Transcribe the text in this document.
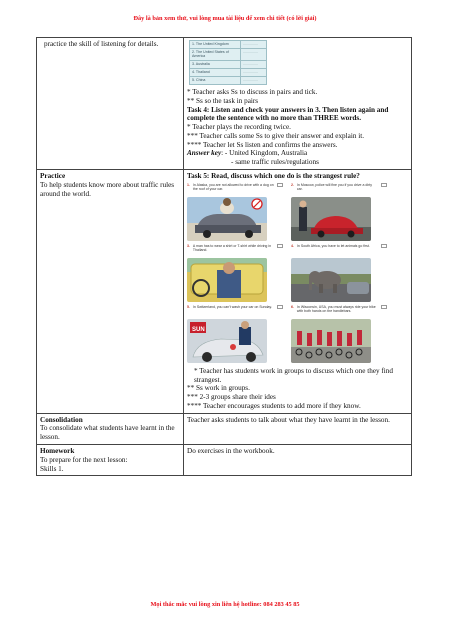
Đây là bản xem thử, vui lòng mua tài liệu để xem chi tiết (có lời giải)
practice the skill of listening for details.		1. The United Kingdom	...............
2. The United States of America	...............
3. Australia	...............
4. Thailand	...............
5. China	...............
* Teacher asks Ss to discuss in pairs and tick.
** Ss so the task in pairs
Task 4: Listen and check your answers in 3. Then listen again and complete the sentence with no more than THREE words.
* Teacher plays the recording twice.
*** Teacher calls some Ss to give their answer and explain it.
**** Teacher let Ss listen and confirms the answers.
Answer key: - United Kingdom, Australia
- same traffic rules/regulations

Practice
To help students know more about traffic rules around the world.

Task 5: Read, discuss which one do is the strangest rule?
1. In Alaska, you are not allowed to drive with a dog on the roof of your car.
2. In Moscow, police will fine you if you drive a dirty car.
3. A man has to wear a shirt or T-shirt while driving in Thailand.
4. In South Africa, you have to let animals go first.
5. In Switzerland, you can't wash your car on Sunday.
SUN
6. In Wisconsin, USA, you must always ride your bike with both hands on the handlebars.
* Teacher has students work in groups to discuss which one they find strangest.
** Ss work in groups.
*** 2-3 groups share their ides
**** Teacher encourages students to add more if they know.

Consolidation
To consolidate what students have learnt in the lesson.

Teacher asks students to talk about what they have learnt in the lesson.

Homework
To prepare for the next lesson:
Skills 1.

Do exercises in the workbook.
Mọi thắc mắc vui lòng xin liên hệ hotline: 084 283 45 85
